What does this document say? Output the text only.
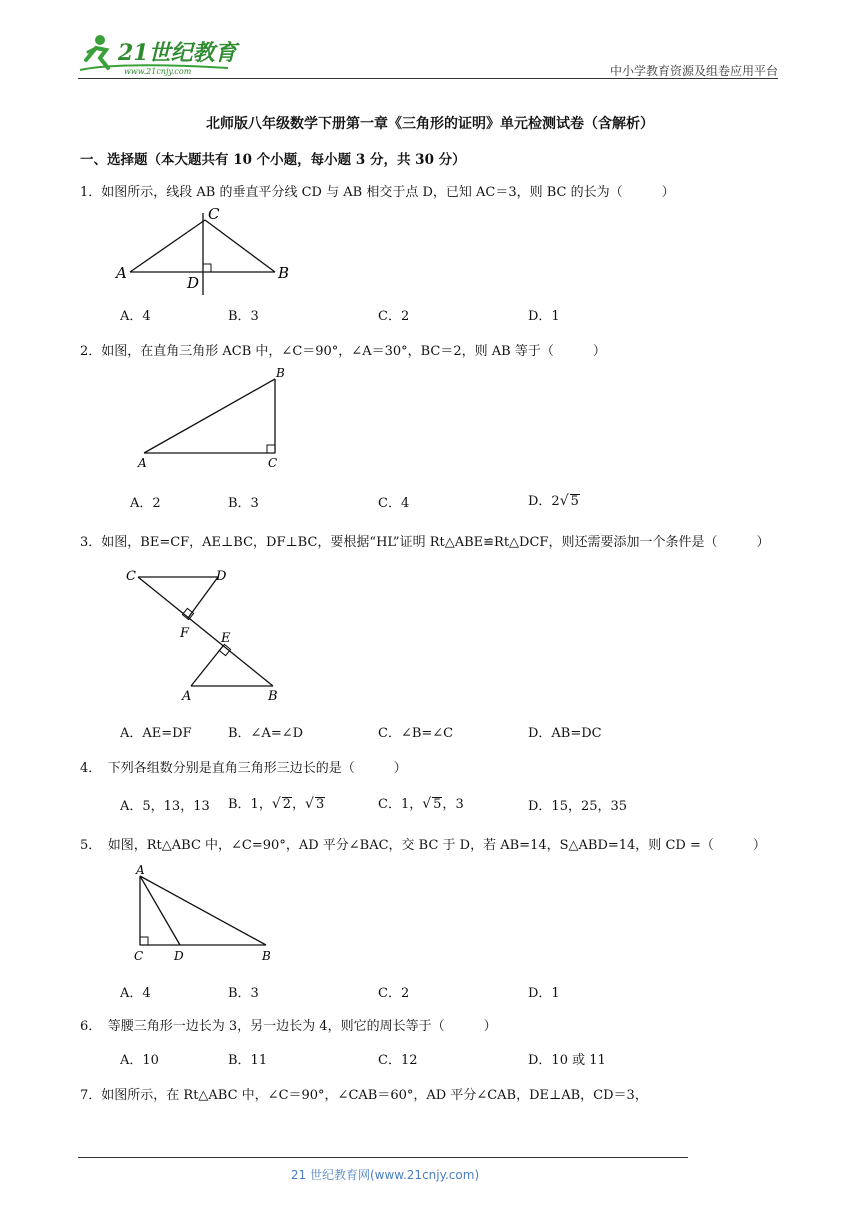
21世纪教育
www.21cnjy.com	中小学教育资源及组卷应用平台
北师版八年级数学下册第一章《三角形的证明》单元检测试卷（含解析）
一、选择题（本大题共有 10 个小题，每小题 3 分，共 30 分）
1．如图所示，线段 AB 的垂直平分线 CD 与 AB 相交于点 D，已知 AC＝3，则 BC 的长为（　　　）
C
A
D
B
A．4	B．3	C．2	D．1
2．如图，在直角三角形 ACB 中，∠C＝90°，∠A＝30°，BC＝2，则 AB 等于（　　　）
B
A	C
A．2	B．3	C．4	D．2√ 5
3．如图，BE=CF，AE⊥BC，DF⊥BC，要根据“HL”证明 Rt△ABE≌Rt△DCF，则还需要添加一个条件是（　　　）
C	D
F E
A	B
A．AE=DF	B．∠A=∠D	C．∠B=∠C	D．AB=DC
4．　下列各组数分别是直角三角形三边长的是（　　　）
A．5，13，13 B．1，√ 2，√ 3	C．1，√ 5，3	D．15，25，35
5．　如图，Rt△ABC 中，∠C=90°，AD 平分∠BAC，交 BC 于 D，若 AB=14，S△ABD=14，则 CD =（　　　）
A
C	D	B
A．4	B．3	C．2	D．1
6．　等腰三角形一边长为 3，另一边长为 4，则它的周长等于（　　　）
A．10	B．11	C．12	D．10 或 11
7．如图所示，在 Rt△ABC 中，∠C＝90°，∠CAB＝60°，AD 平分∠CAB，DE⊥AB，CD＝3，
21 世纪教育网(www.21cnjy.com)
